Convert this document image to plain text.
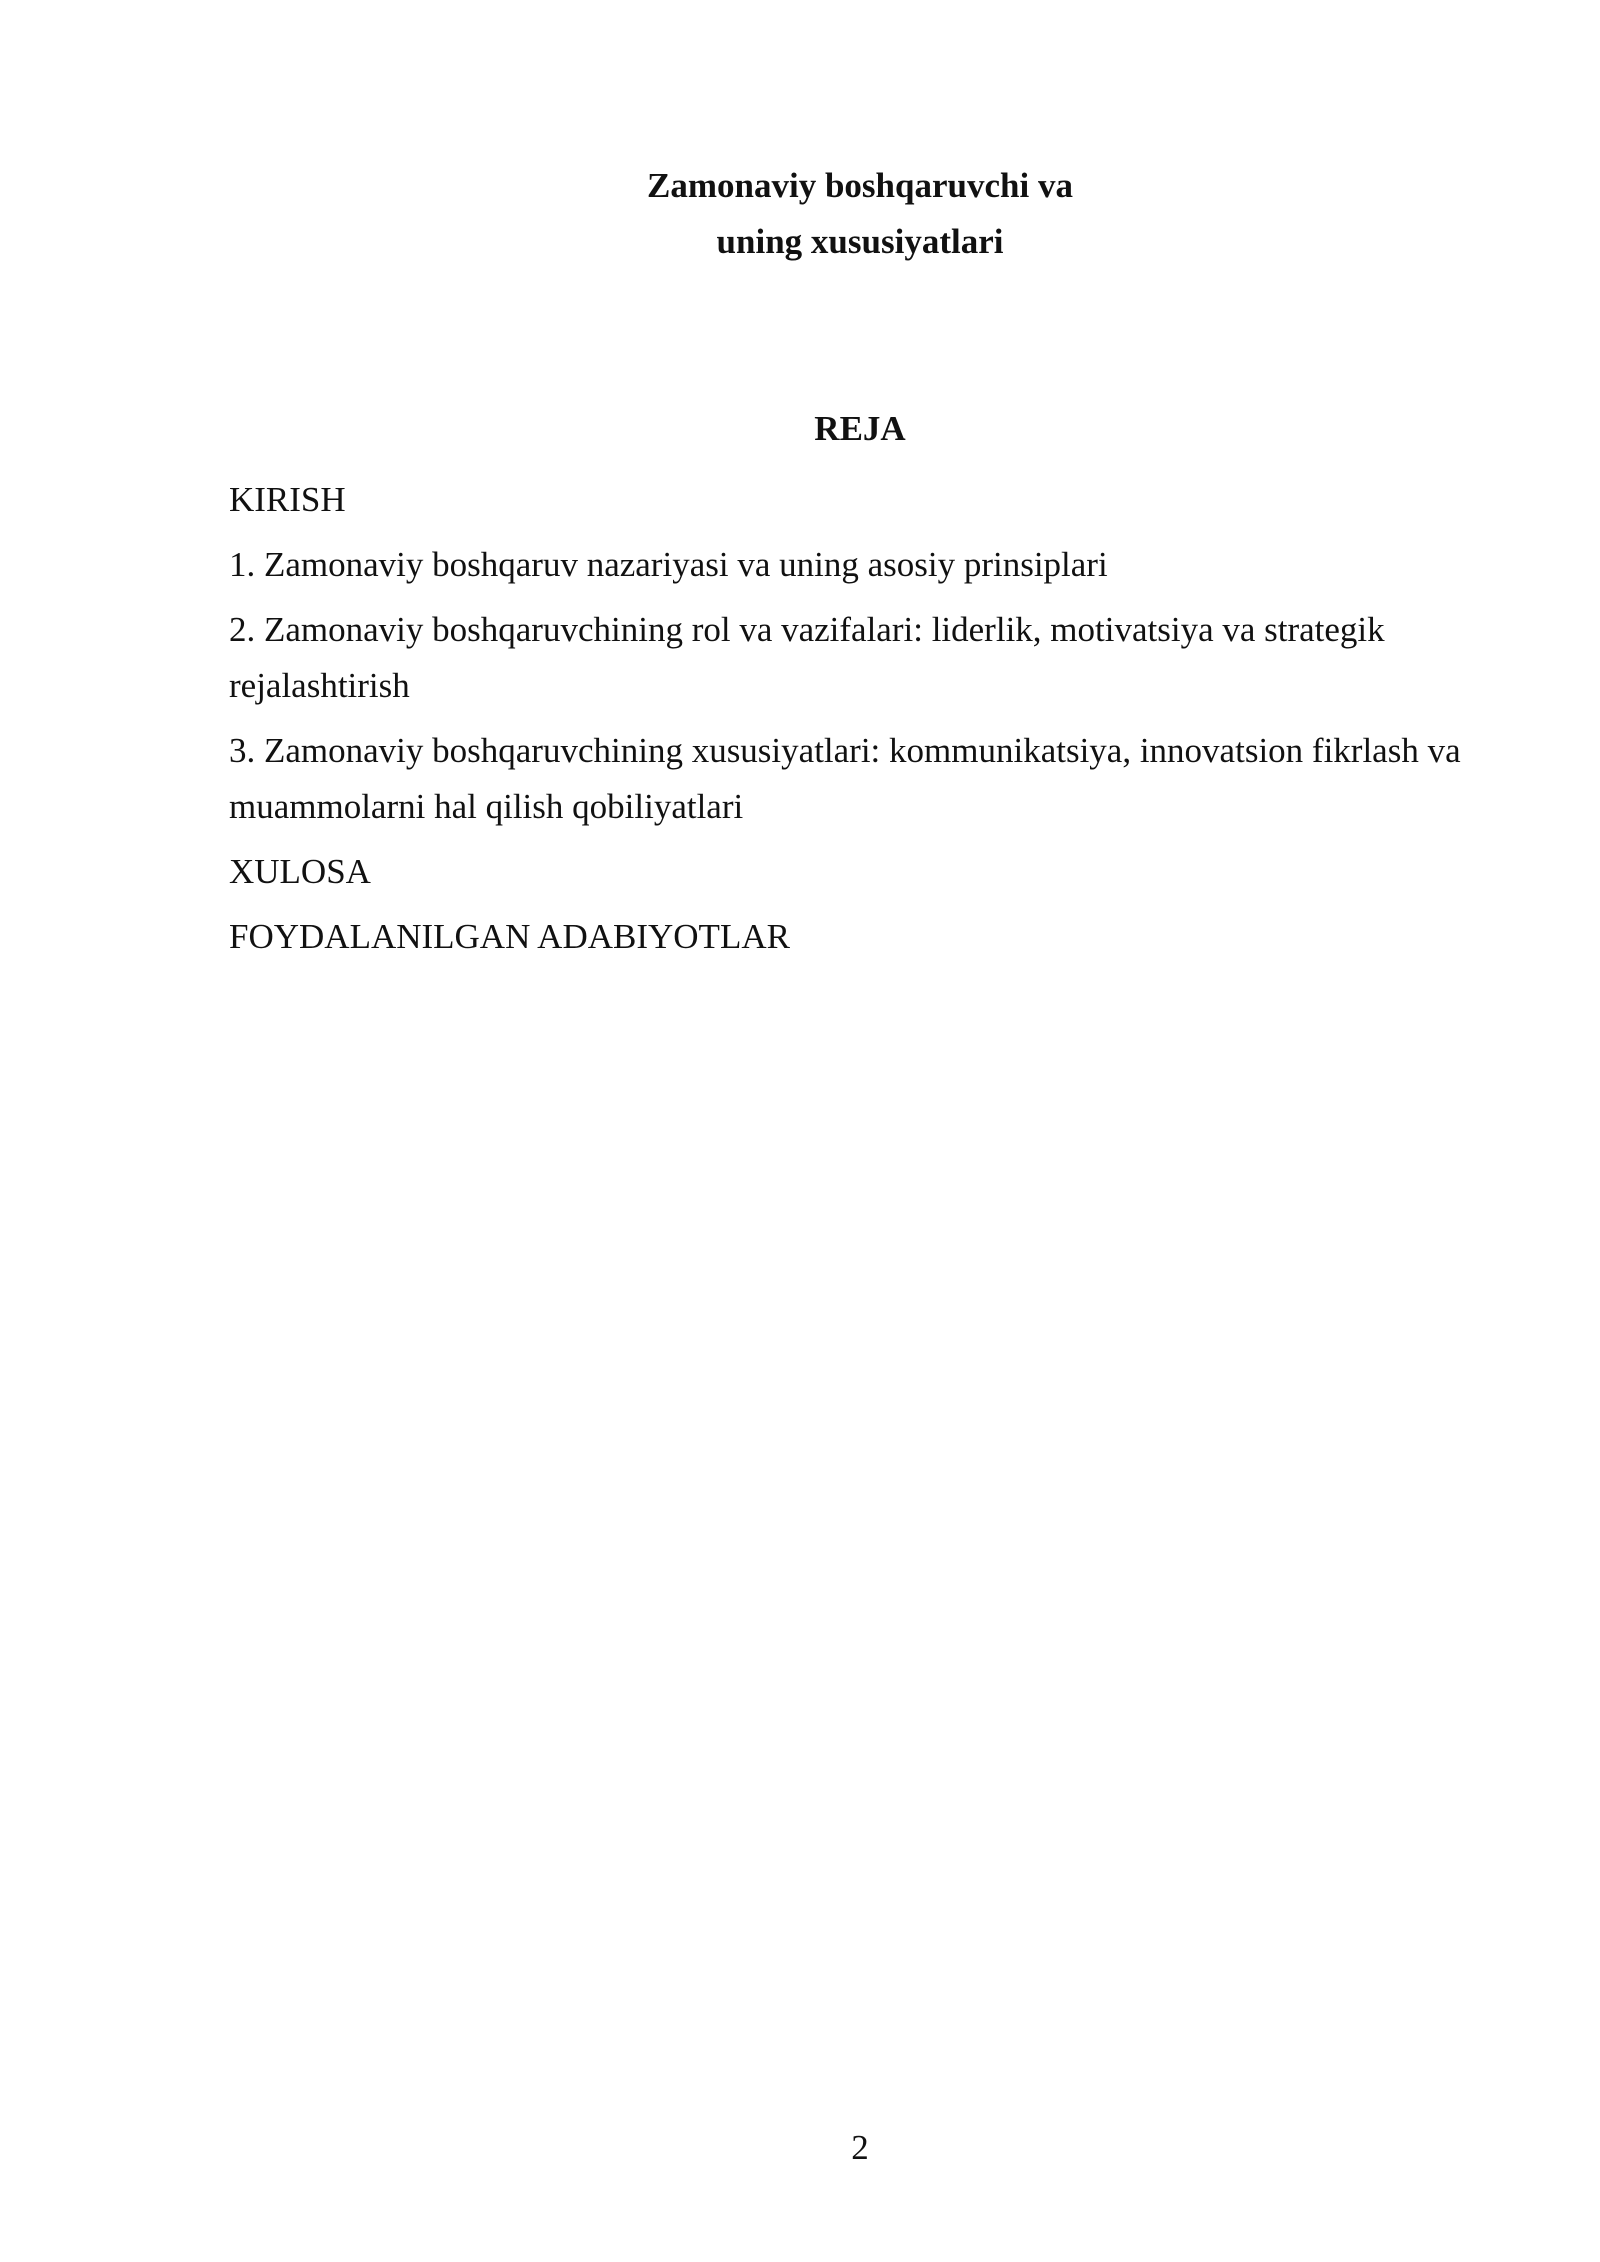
Zamonaviy boshqaruvchi va
uning xususiyatlari
REJA
KIRISH
1. Zamonaviy boshqaruv nazariyasi va uning asosiy prinsiplari
2. Zamonaviy boshqaruvchining rol va vazifalari: liderlik, motivatsiya va strategik rejalashtirish
3. Zamonaviy boshqaruvchining xususiyatlari: kommunikatsiya, innovatsion fikrlash va muammolarni hal qilish qobiliyatlari
XULOSA
FOYDALANILGAN ADABIYOTLAR
2
